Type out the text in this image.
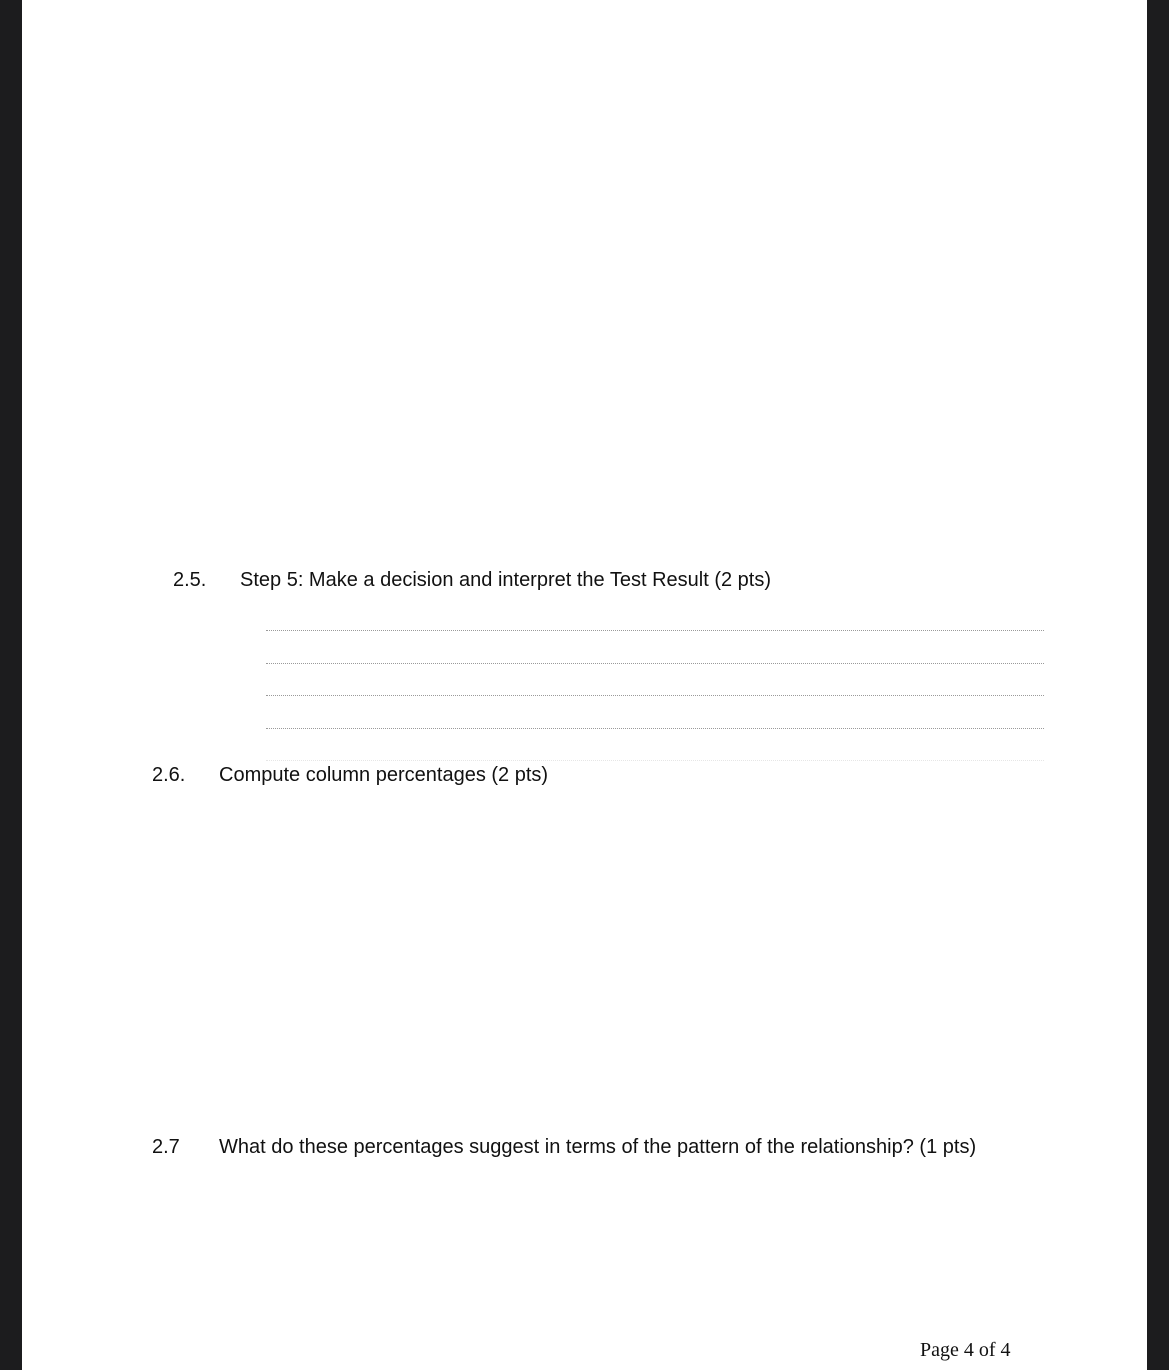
2.5. Step 5: Make a decision and interpret the Test Result (2 pts)
2.6. Compute column percentages (2 pts)
2.7 What do these percentages suggest in terms of the pattern of the relationship? (1 pts)
Page 4 of 4
